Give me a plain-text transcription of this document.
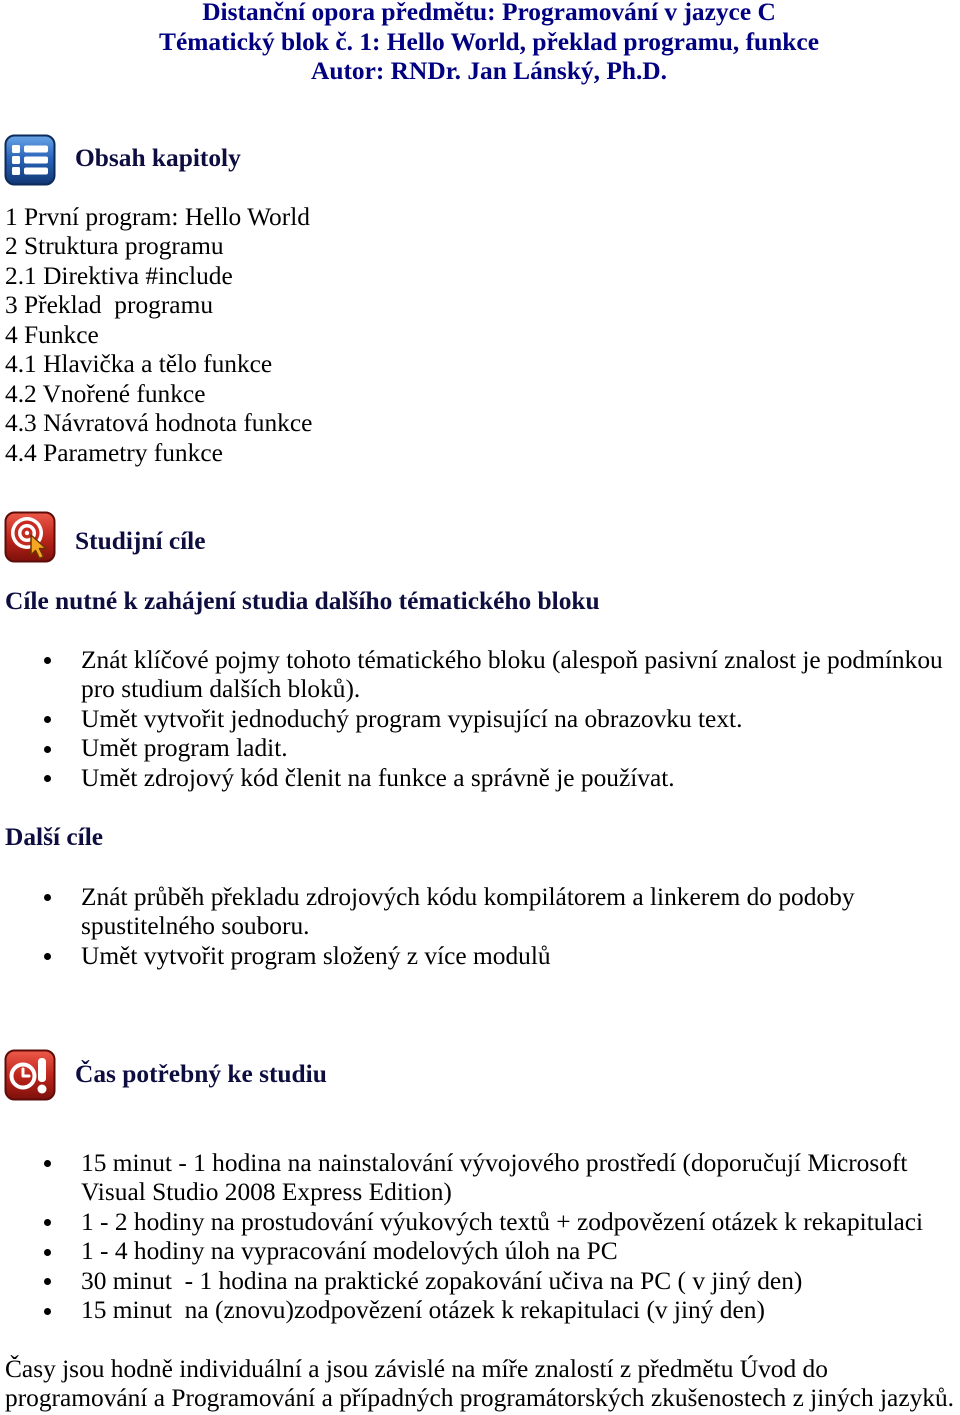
Distanční opora předmětu: Programování v jazyce C
Tématický blok č. 1: Hello World, překlad programu, funkce
Autor: RNDr. Jan Lánský, Ph.D.
Obsah kapitoly
1 První program: Hello World
2 Struktura programu
2.1 Direktiva #include
3 Překlad  programu
4 Funkce
4.1 Hlavička a tělo funkce
4.2 Vnořené funkce
4.3 Návratová hodnota funkce
4.4 Parametry funkce
Studijní cíle
Cíle nutné k zahájení studia dalšího tématického bloku
Znát klíčové pojmy tohoto tématického bloku (alespoň pasivní znalost je podmínkou
pro studium dalších bloků).
Umět vytvořit jednoduchý program vypisující na obrazovku text.
Umět program ladit.
Umět zdrojový kód členit na funkce a správně je používat.
Další cíle
Znát průběh překladu zdrojových kódu kompilátorem a linkerem do podoby
spustitelného souboru.
Umět vytvořit program složený z více modulů
Čas potřebný ke studiu
15 minut - 1 hodina na nainstalování vývojového prostředí (doporučují Microsoft
Visual Studio 2008 Express Edition)
1 - 2 hodiny na prostudování výukových textů + zodpovězení otázek k rekapitulaci
1 - 4 hodiny na vypracování modelových úloh na PC
30 minut  - 1 hodina na praktické zopakování učiva na PC ( v jiný den)
15 minut  na (znovu)zodpovězení otázek k rekapitulaci (v jiný den)
Časy jsou hodně individuální a jsou závislé na míře znalostí z předmětu Úvod do
programování a Programování a případných programátorských zkušenostech z jiných jazyků.
